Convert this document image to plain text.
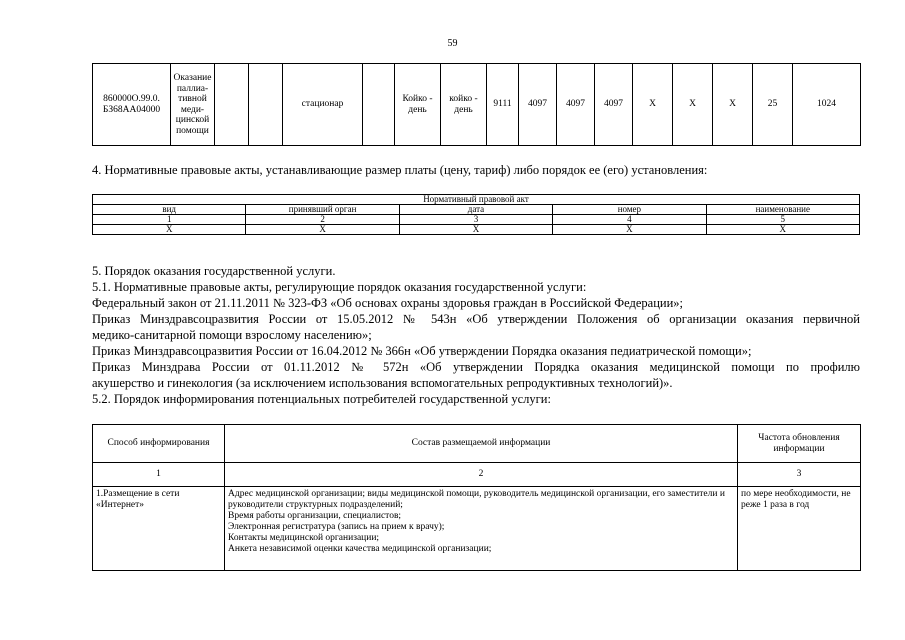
59
860000О.99.0.
БЗ68АА04000	Оказание
паллиа-
тивной
меди-
цинской
помощи			стационар		Койко - день	койко - день	9111	4097	4097	4097	Х	Х	Х	25	1024
4. Нормативные правовые акты, устанавливающие размер платы (цену, тариф) либо порядок ее (его) установления:
Нормативный правовой акт				
вид	принявший орган	дата	номер	наименование
1	2	3	4	5
Х	Х	Х	Х	Х
5. Порядок оказания государственной услуги.
5.1. Нормативные правовые акты, регулирующие порядок оказания государственной услуги:
Федеральный закон от 21.11.2011 № 323-ФЗ «Об основах охраны здоровья граждан в Российской Федерации»;
Приказ Минздравсоцразвития России от 15.05.2012 № 543н «Об утверждении Положения об организации оказания первичной
медико-санитарной помощи взрослому населению»;
Приказ Минздравсоцразвития России от 16.04.2012 № 366н «Об утверждении Порядка оказания педиатрической помощи»;
Приказ Минздрава России от 01.11.2012 № 572н «Об утверждении Порядка оказания медицинской помощи по профилю
акушерство и гинекология (за исключением использования вспомогательных репродуктивных технологий)».
5.2. Порядок информирования потенциальных потребителей государственной услуги:
Способ информирования	Состав размещаемой информации	Частота обновления информации
1	2	3
1.Размещение в сети «Интернет»	Адрес медицинской организации; виды медицинской помощи, руководитель медицинской организации, его заместители и руководители структурных подразделений;
Время работы организации, специалистов;
Электронная регистратура (запись на прием к врачу);
Контакты медицинской организации;
Анкета независимой оценки качества медицинской организации;	по мере необходимости, не реже 1 раза в год
